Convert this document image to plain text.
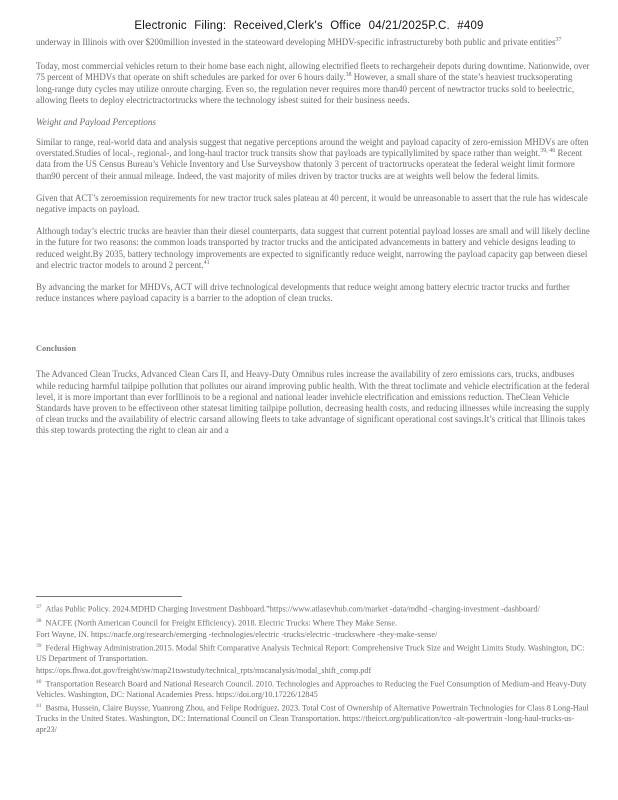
Electronic Filing: Received,Clerk's Office 04/21/2025P.C. #409

underway in Illinois with over $200million invested in the stateoward developing MHDV-specific infrastructureby both public and private entities$^{37}$

Today, most commercial vehicles return to their home base each night, allowing electrified fleets to rechargeheir depots during downtime. Nationwide, over 75 percent of MHDVs that operate on shift schedules are parked for over 6 hours daily.$^{38}$ However, a small share of the state’s heaviest trucksoperating long-range duty cycles may utilize onroute charging. Even so, the regulation never requires more than40 percent of newtractor trucks sold to beelectric, allowing fleets to deploy electrictractortrucks where the technology isbest suited for their business needs.

Weight and Payload Perceptions

Similar to range, real-world data and analysis suggest that negative perceptions around the weight and payload capacity of zero-emission MHDVs are often overstated.Studies of local-, regional-, and long-haul tractor truck transits show that payloads are typicallylimited by space rather than weight.$^{39, 40}$ Recent data from the US Census Bureau’s Vehicle Inventory and Use Surveyshow thatonly 3 percent of tractortrucks operateat the federal weight limit formore than90 percent of their annual mileage. Indeed, the vast majority of miles driven by tractor trucks are at weights well below the federal limits.

Given that ACT’s zeroemission requirements for new tractor truck sales plateau at 40 percent, it would be unreasonable to assert that the rule has widescale negative impacts on payload.

Although today’s electric trucks are heavier than their diesel counterparts, data suggest that current potential payload losses are small and will likely decline in the future for two reasons: the common loads transported by tractor trucks and the anticipated advancements in battery and vehicle designs leading to reduced weight.By 2035, battery technology improvements are expected to significantly reduce weight, narrowing the payload capacity gap between diesel and electric tractor models to around 2 percent.$^{41}$

By advancing the market for MHDVs, ACT will drive technological developments that reduce weight among battery electric tractor trucks and further reduce instances where payload capacity is a barrier to the adoption of clean trucks.

Conclusion

The Advanced Clean Trucks, Advanced Clean Cars II, and Heavy-Duty Omnibus rules increase the availability of zero emissions cars, trucks, andbuses while reducing harmful tailpipe pollution that pollutes our airand improving public health. With the threat toclimate and vehicle electrification at the federal level, it is more important than ever forIllinois to be a regional and national leader invehicle electrification and emissions reduction. TheClean Vehicle Standards have proven to be effectiveon other statesat limiting tailpipe pollution, decreasing health costs, and reducing illnesses while increasing the supply of clean trucks and the availability of electric carsand allowing fleets to take advantage of significant operational cost savings.It’s critical that Illinois takes this step towards protecting the right to clean air and a

$^{37}$ Atlas Public Policy. 2024.MDHD Charging Investment Dashboard.”https://www.atlasevhub.com/market -data/mdhd -charging-investment -dashboard/

$^{38}$ NACFE (North American Council for Freight Efficiency). 2018. Electric Trucks: Where They Make Sense.

Fort Wayne, IN. https://nacfe.org/research/emerging -technologies/electric -trucks/electric -truckswhere -they-make-sense/

$^{39}$ Federal Highway Administration.2015. Modal Shift Comparative Analysis Technical Report: Comprehensive Truck Size and Weight Limits Study. Washington, DC: US Department of Transportation.

https://ops.fhwa.dot.gov/freight/sw/map21tswstudy/technical_rpts/mscanalysis/modal_shift_comp.pdf

$^{40}$ Transportation Research Board and National Research Council. 2010. Technologies and Approaches to Reducing the Fuel Consumption of Medium-and Heavy-Duty Vehicles. Washington, DC: National Academies Press. https://doi.org/10.17226/12845

$^{41}$ Basma, Hussein, Claire Buysse, Yuanrong Zhou, and Felipe Rodríguez. 2023. Total Cost of Ownership of Alternative Powertrain Technologies for Class 8 Long-Haul Trucks in the United States. Washington, DC: International Council on Clean Transportation. https://theicct.org/publication/tco -alt-powertrain -long-haul-trucks-us-apr23/
